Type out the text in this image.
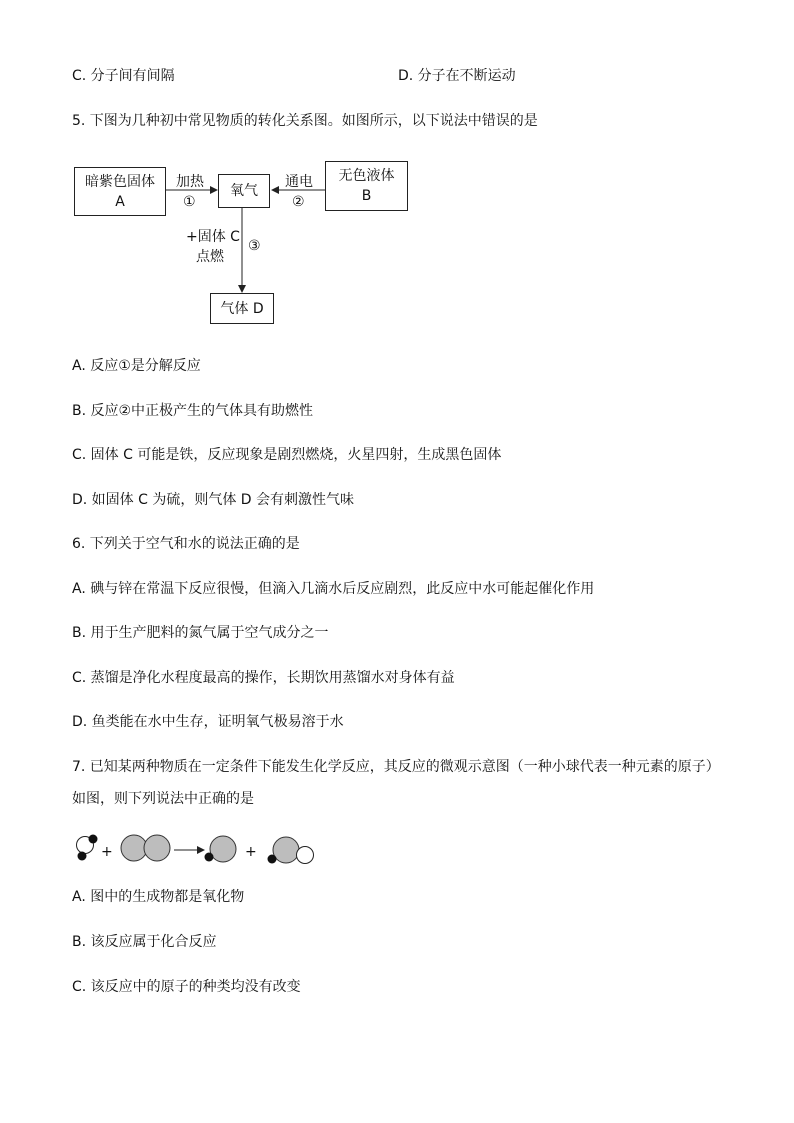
C. 分子间有间隔	D. 分子在不断运动
5. 下图为几种初中常见物质的转化关系图。如图所示，以下说法中错误的是
暗紫色固体
A
氧气
无色液体
B
气体 D
加热
①
通电
②
+固体 C
点燃
③
A. 反应①是分解反应
B. 反应②中正极产生的气体具有助燃性
C. 固体 C 可能是铁，反应现象是剧烈燃烧，火星四射，生成黑色固体
D. 如固体 C 为硫，则气体 D 会有刺激性气味
6. 下列关于空气和水的说法正确的是
A. 碘与锌在常温下反应很慢，但滴入几滴水后反应剧烈，此反应中水可能起催化作用
B. 用于生产肥料的氮气属于空气成分之一
C. 蒸馏是净化水程度最高的操作，长期饮用蒸馏水对身体有益
D. 鱼类能在水中生存，证明氧气极易溶于水
7. 已知某两种物质在一定条件下能发生化学反应，其反应的微观示意图（一种小球代表一种元素的原子）
如图，则下列说法中正确的是
+	+
A. 图中的生成物都是氧化物
B. 该反应属于化合反应
C. 该反应中的原子的种类均没有改变
